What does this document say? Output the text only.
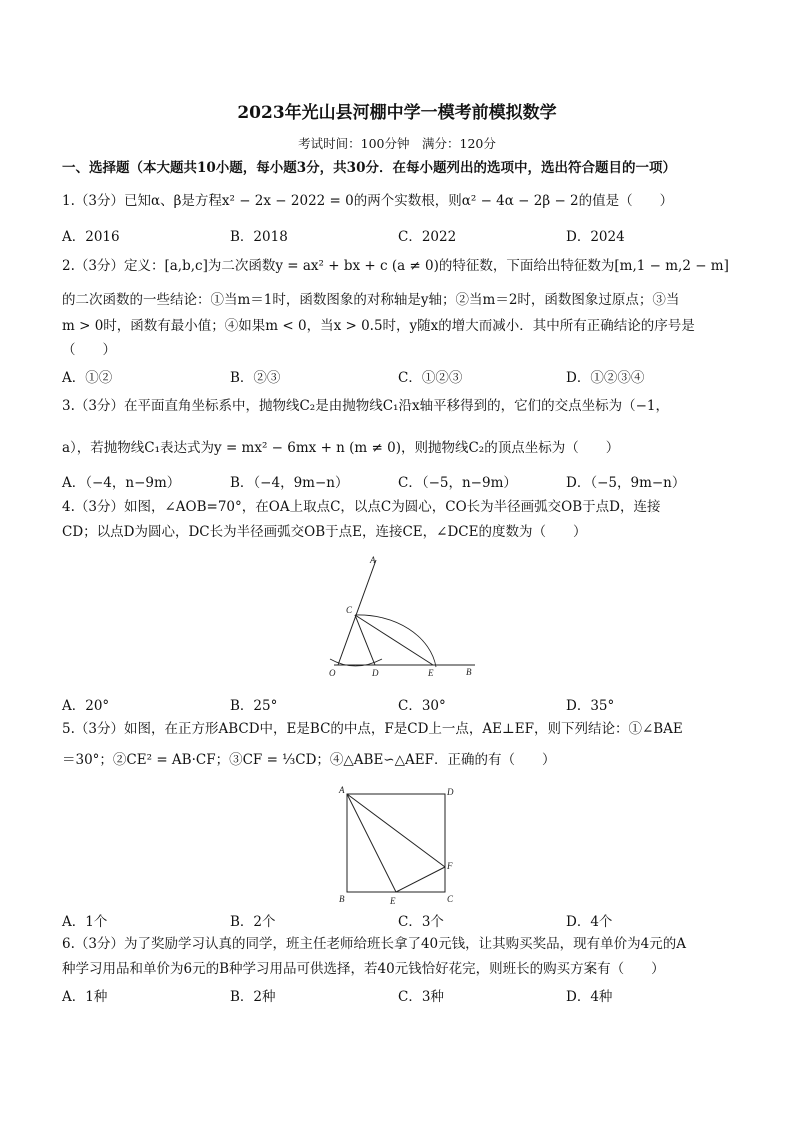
2023年光山县河棚中学一模考前模拟数学
考试时间：100分钟　满分：120分
一、选择题（本大题共10小题，每小题3分，共30分．在每小题列出的选项中，选出符合题目的一项）
1.（3分）已知α、β是方程x² − 2x − 2022 = 0的两个实数根，则α² − 4α − 2β − 2的值是（　　）
A．2016	B．2018	C．2022	D．2024
2.（3分）定义：[a,b,c]为二次函数y = ax² + bx + c (a ≠ 0)的特征数，下面给出特征数为[m,1 − m,2 − m]
的二次函数的一些结论：①当m＝1时，函数图象的对称轴是y轴；②当m＝2时，函数图象过原点；③当
m > 0时，函数有最小值；④如果m < 0，当x > 0.5时，y随x的增大而减小．其中所有正确结论的序号是
（　　）
A．①②	B．②③	C．①②③	D．①②③④
3.（3分）在平面直角坐标系中，抛物线C₂是由抛物线C₁沿x轴平移得到的，它们的交点坐标为（−1，
a），若抛物线C₁表达式为y = mx² − 6mx + n (m ≠ 0)，则抛物线C₂的顶点坐标为（　　）
A．（−4，n−9m）	B．（−4，9m−n）	C．（−5，n−9m）	D．（−5，9m−n）
4.（3分）如图，∠AOB=70°，在OA上取点C，以点C为圆心，CO长为半径画弧交OB于点D，连接
CD；以点D为圆心，DC长为半径画弧交OB于点E，连接CE，∠DCE的度数为（　　）
A
C
O	D	E	B
A．20°	B．25°	C．30°	D．35°
5.（3分）如图，在正方形ABCD中，E是BC的中点，F是CD上一点，AE⊥EF，则下列结论：①∠BAE
＝30°；②CE² = AB·CF；③CF = ⅓CD；④△ABE∽△AEF．正确的有（　　）
A	D
F
B	E	C
A．1个	B．2个	C．3个	D．4个
6.（3分）为了奖励学习认真的同学，班主任老师给班长拿了40元钱，让其购买奖品，现有单价为4元的A
种学习用品和单价为6元的B种学习用品可供选择，若40元钱恰好花完，则班长的购买方案有（　　）
A．1种	B．2种	C．3种	D．4种
